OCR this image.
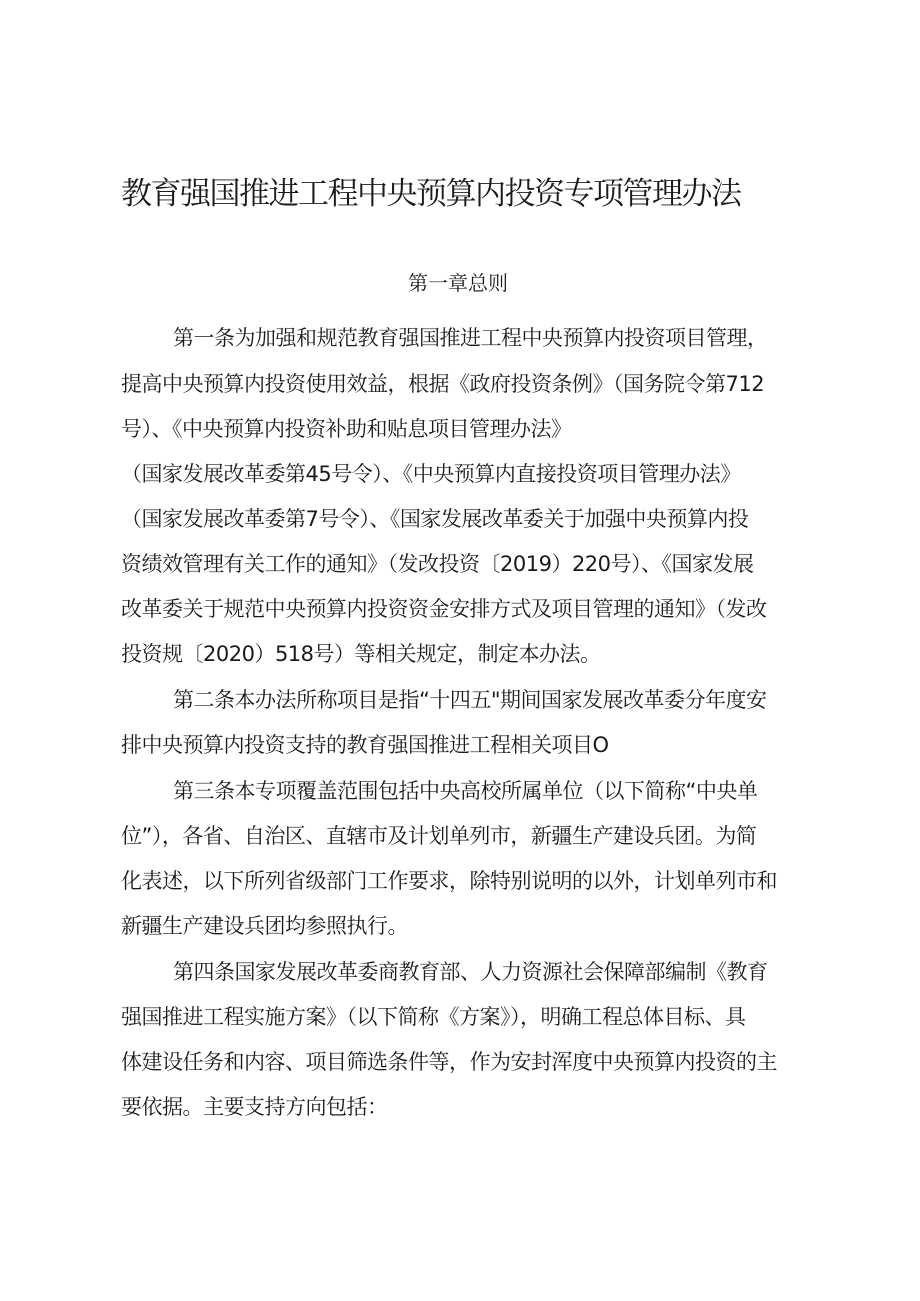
教育强国推进工程中央预算内投资专项管理办法

第一章总则

第一条为加强和规范教育强国推进工程中央预算内投资项目管理，

提高中央预算内投资使用效益，根据《政府投资条例》（国务院令第712

号）、《中央预算内投资补助和贴息项目管理办法》

（国家发展改革委第45号令）、《中央预算内直接投资项目管理办法》

（国家发展改革委第7号令）、《国家发展改革委关于加强中央预算内投

资绩效管理有关工作的通知》（发改投资〔2019）220号）、《国家发展

改革委关于规范中央预算内投资资金安排方式及项目管理的通知》（发改

投资规〔2020）518号）等相关规定，制定本办法。

第二条本办法所称项目是指“十四五"期间国家发展改革委分年度安

排中央预算内投资支持的教育强国推进工程相关项目O

第三条本专项覆盖范围包括中央高校所属单位（以下简称“中央单

位”），各省、自治区、直辖市及计划单列市，新疆生产建设兵团。为简

化表述，以下所列省级部门工作要求，除特别说明的以外，计划单列市和

新疆生产建设兵团均参照执行。

第四条国家发展改革委商教育部、人力资源社会保障部编制《教育

强国推进工程实施方案》（以下简称《方案》），明确工程总体目标、具

体建设任务和内容、项目筛选条件等，作为安封浑度中央预算内投资的主

要依据。主要支持方向包括：
